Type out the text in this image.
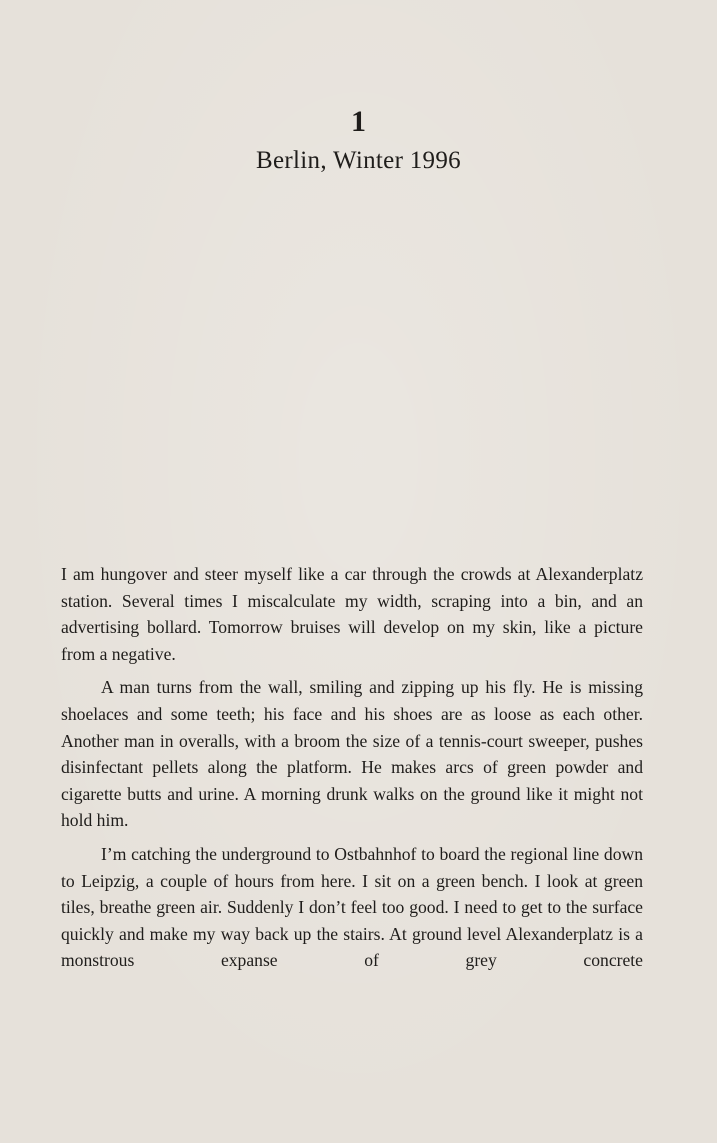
1
Berlin, Winter 1996

I am hungover and steer myself like a car through the crowds at Alexanderplatz station. Several times I miscalculate my width, scraping into a bin, and an advertising bollard. Tomorrow bruises will develop on my skin, like a picture from a negative.

A man turns from the wall, smiling and zipping up his fly. He is missing shoelaces and some teeth; his face and his shoes are as loose as each other. Another man in overalls, with a broom the size of a tennis-court sweeper, pushes disinfectant pellets along the platform. He makes arcs of green powder and cigarette butts and urine. A morning drunk walks on the ground like it might not hold him.

I’m catching the underground to Ostbahnhof to board the regional line down to Leipzig, a couple of hours from here. I sit on a green bench. I look at green tiles, breathe green air. Suddenly I don’t feel too good. I need to get to the surface quickly and make my way back up the stairs. At ground level Alexanderplatz is a monstrous expanse of grey concrete
